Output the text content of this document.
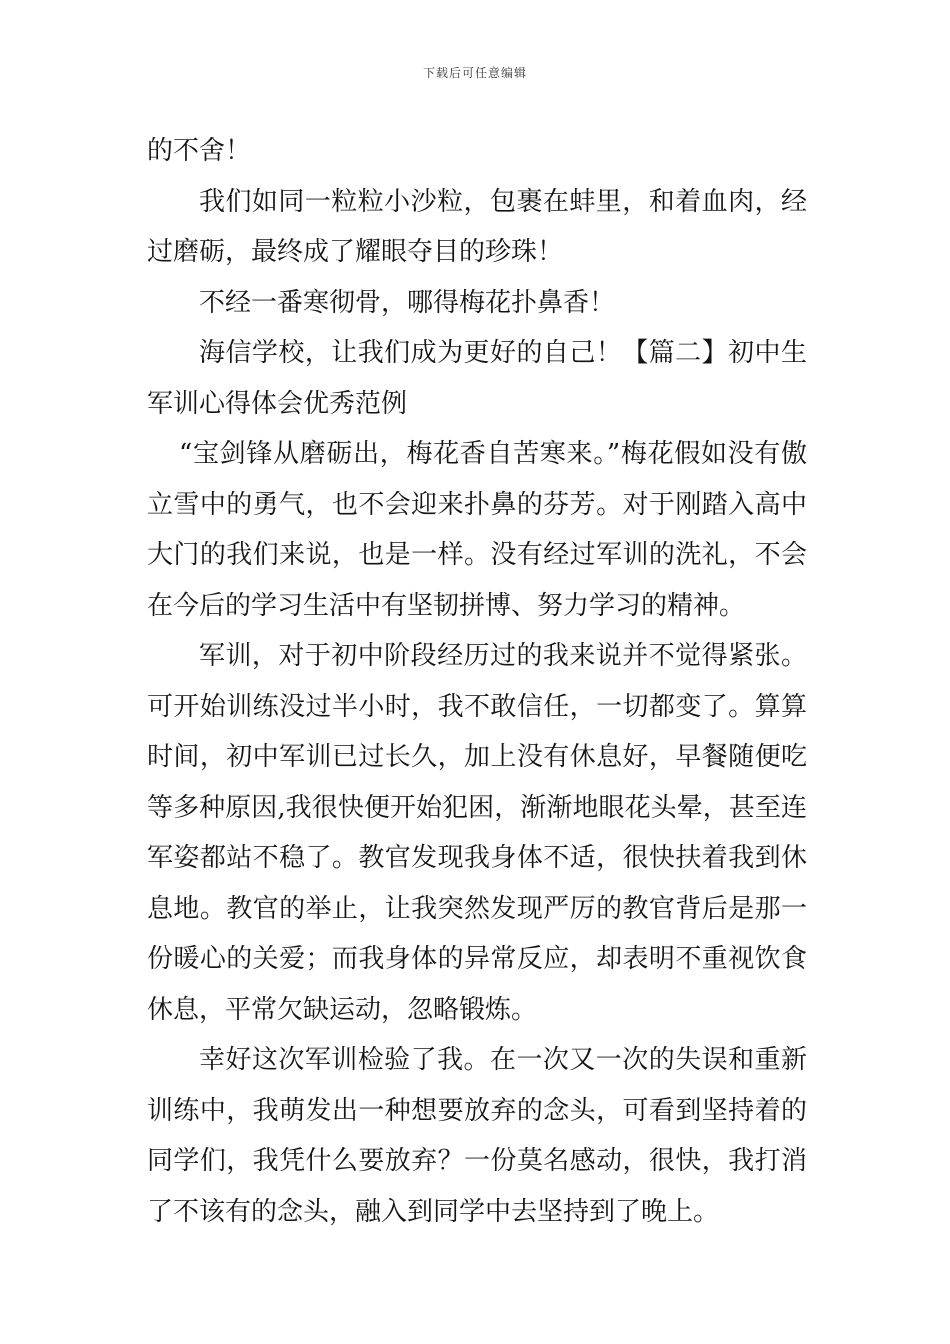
下载后可任意编辑

的不舍！

我们如同一粒粒小沙粒，包裹在蚌里，和着血肉，经过磨砺，最终成了耀眼夺目的珍珠！

不经一番寒彻骨，哪得梅花扑鼻香！

海信学校，让我们成为更好的自己！【篇二】初中生军训心得体会优秀范例

“宝剑锋从磨砺出，梅花香自苦寒来。”梅花假如没有傲立雪中的勇气，也不会迎来扑鼻的芬芳。对于刚踏入高中大门的我们来说，也是一样。没有经过军训的洗礼，不会在今后的学习生活中有坚韧拼博、努力学习的精神。

军训，对于初中阶段经历过的我来说并不觉得紧张。可开始训练没过半小时，我不敢信任，一切都变了。算算时间，初中军训已过长久，加上没有休息好，早餐随便吃等多种原因,我很快便开始犯困，渐渐地眼花头晕，甚至连军姿都站不稳了。教官发现我身体不适，很快扶着我到休息地。教官的举止，让我突然发现严厉的教官背后是那一份暖心的关爱；而我身体的异常反应，却表明不重视饮食休息，平常欠缺运动，忽略锻炼。

幸好这次军训检验了我。在一次又一次的失误和重新训练中，我萌发出一种想要放弃的念头，可看到坚持着的同学们，我凭什么要放弃？一份莫名感动，很快，我打消了不该有的念头，融入到同学中去坚持到了晚上。
